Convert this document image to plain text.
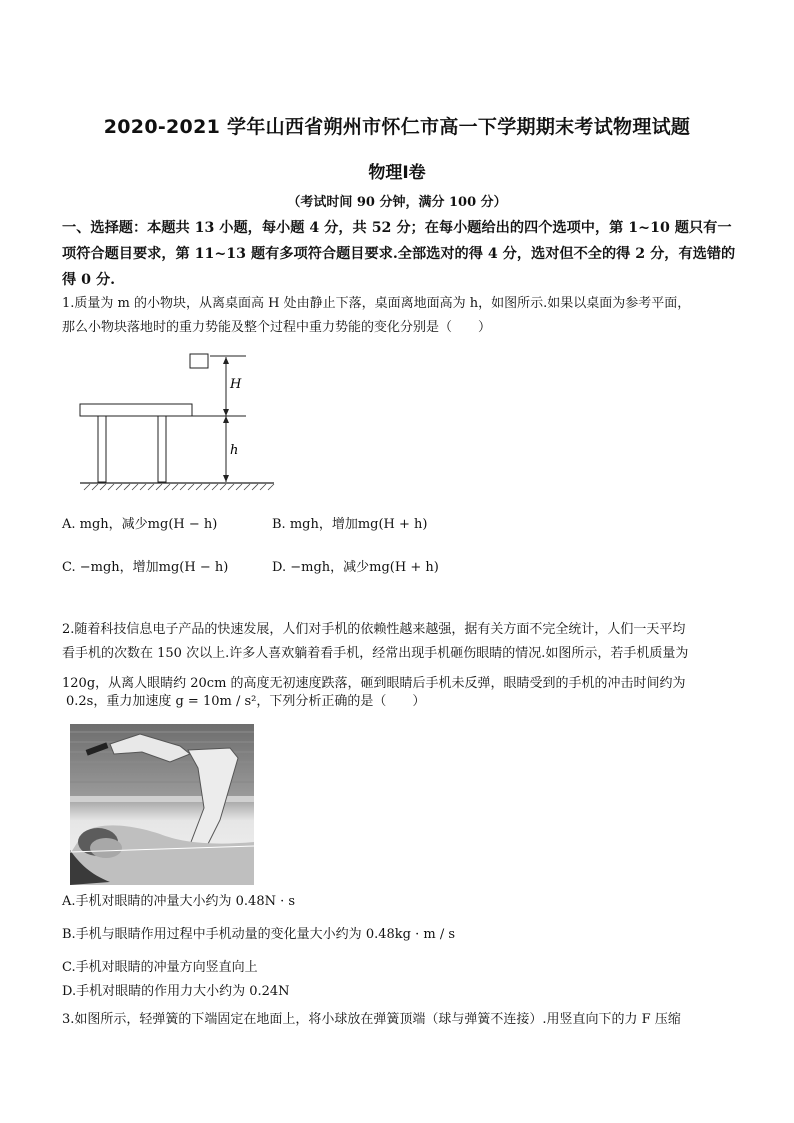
2020-2021 学年山西省朔州市怀仁市高一下学期期末考试物理试题
物理Ⅰ卷
（考试时间 90 分钟，满分 100 分）
一、选择题：本题共 13 小题，每小题 4 分，共 52 分；在每小题给出的四个选项中，第 1~10 题只有一项符合题目要求，第 11~13 题有多项符合题目要求.全部选对的得 4 分，选对但不全的得 2 分，有选错的得 0 分.
1.质量为 m 的小物块，从离桌面高 H 处由静止下落，桌面离地面高为 h，如图所示.如果以桌面为参考平面，
那么小物块落地时的重力势能及整个过程中重力势能的变化分别是（　　）
H
h
A. mgh，减少mg(H − h)	B. mgh，增加mg(H + h)
C. −mgh，增加mg(H − h)	D. −mgh，减少mg(H + h)
2.随着科技信息电子产品的快速发展，人们对手机的依赖性越来越强，据有关方面不完全统计，人们一天平均
看手机的次数在 150 次以上.许多人喜欢躺着看手机，经常出现手机砸伤眼睛的情况.如图所示，若手机质量为
120g，从离人眼睛约 20cm 的高度无初速度跌落，砸到眼睛后手机未反弹，眼睛受到的手机的冲击时间约为
0.2s，重力加速度 g = 10m / s²，下列分析正确的是（　　）
A.手机对眼睛的冲量大小约为 0.48N · s
B.手机与眼睛作用过程中手机动量的变化量大小约为 0.48kg · m / s
C.手机对眼睛的冲量方向竖直向上
D.手机对眼睛的作用力大小约为 0.24N
3.如图所示，轻弹簧的下端固定在地面上，将小球放在弹簧顶端（球与弹簧不连接）.用竖直向下的力 F 压缩
